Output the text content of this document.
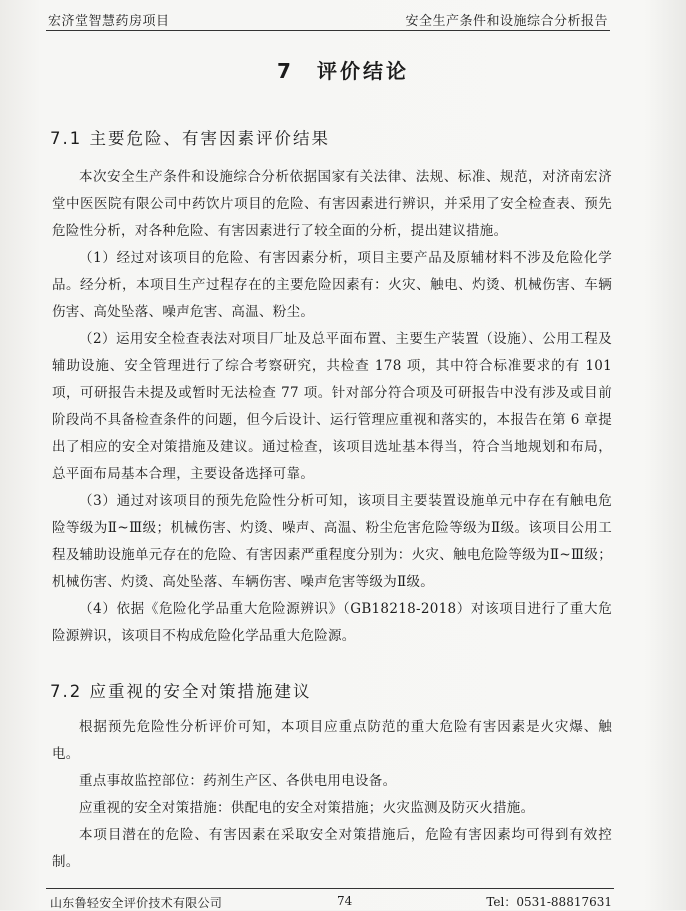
宏济堂智慧药房项目	安全生产条件和设施综合分析报告
7　评价结论
7.1 主要危险、有害因素评价结果

本次安全生产条件和设施综合分析依据国家有关法律、法规、标准、规范，对济南宏济堂中医医院有限公司中药饮片项目的危险、有害因素进行辨识，并采用了安全检查表、预先危险性分析，对各种危险、有害因素进行了较全面的分析，提出建议措施。

（1）经过对该项目的危险、有害因素分析，项目主要产品及原辅材料不涉及危险化学品。经分析，本项目生产过程存在的主要危险因素有：火灾、触电、灼烫、机械伤害、车辆伤害、高处坠落、噪声危害、高温、粉尘。

（2）运用安全检查表法对项目厂址及总平面布置、主要生产装置（设施）、公用工程及辅助设施、安全管理进行了综合考察研究，共检查 178 项，其中符合标准要求的有 101 项，可研报告未提及或暂时无法检查 77 项。针对部分符合项及可研报告中没有涉及或目前阶段尚不具备检查条件的问题，但今后设计、运行管理应重视和落实的，本报告在第 6 章提出了相应的安全对策措施及建议。通过检查，该项目选址基本得当，符合当地规划和布局，总平面布局基本合理，主要设备选择可靠。

（3）通过对该项目的预先危险性分析可知，该项目主要装置设施单元中存在有触电危险等级为Ⅱ~Ⅲ级；机械伤害、灼烫、噪声、高温、粉尘危害危险等级为Ⅱ级。该项目公用工程及辅助设施单元存在的危险、有害因素严重程度分别为：火灾、触电危险等级为Ⅱ~Ⅲ级；机械伤害、灼烫、高处坠落、车辆伤害、噪声危害等级为Ⅱ级。

（4）依据《危险化学品重大危险源辨识》（GB18218-2018）对该项目进行了重大危险源辨识，该项目不构成危险化学品重大危险源。

7.2 应重视的安全对策措施建议

根据预先危险性分析评价可知，本项目应重点防范的重大危险有害因素是火灾爆、触电。

重点事故监控部位：药剂生产区、各供电用电设备。

应重视的安全对策措施：供配电的安全对策措施；火灾监测及防灭火措施。

本项目潜在的危险、有害因素在采取安全对策措施后，危险有害因素均可得到有效控制。

山东鲁轻安全评价技术有限公司	74	Tel：0531-88817631
